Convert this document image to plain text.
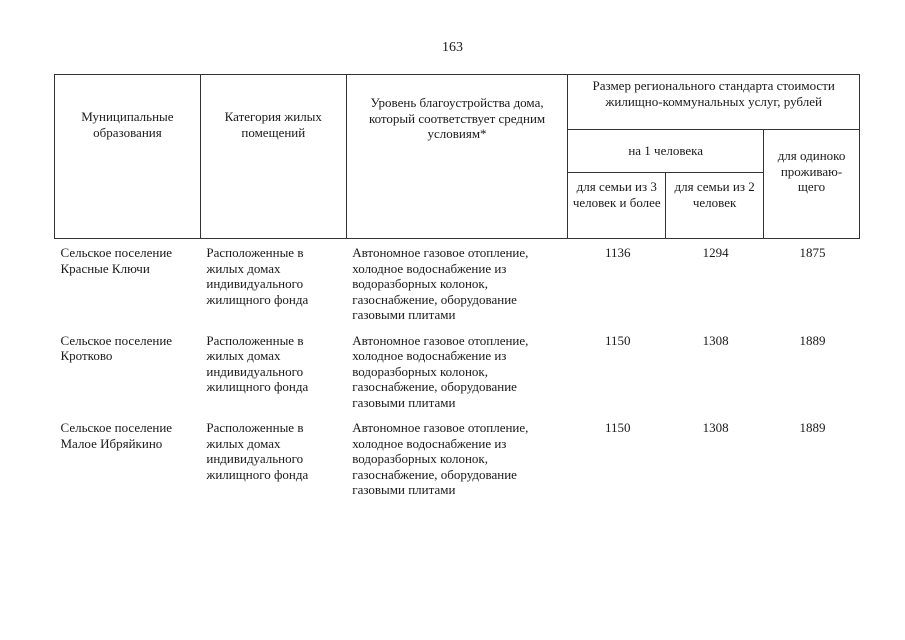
163
Муниципальные образования	Категория жилых помещений	Уровень благоустройства дома, который соответствует средним условиям*	Размер регионального стандарта стоимости жилищно-коммунальных услуг, рублей		
			на 1 человека		для одиноко проживаю-щего
			для семьи из 3 человек и более	для семьи из 2 человек	
Сельское поселение Красные Ключи	Расположенные в жилых домах индивидуального жилищного фонда	Автономное газовое отопление, холодное водоснабжение из водоразборных колонок, газоснабжение, оборудование газовыми плитами	1136	1294	1875
Сельское поселение Кротково	Расположенные в жилых домах индивидуального жилищного фонда	Автономное газовое отопление, холодное водоснабжение из водоразборных колонок, газоснабжение, оборудование газовыми плитами	1150	1308	1889
Сельское поселение Малое Ибряйкино	Расположенные в жилых домах индивидуального жилищного фонда	Автономное газовое отопление, холодное водоснабжение из водоразборных колонок, газоснабжение, оборудование газовыми плитами	1150	1308	1889
